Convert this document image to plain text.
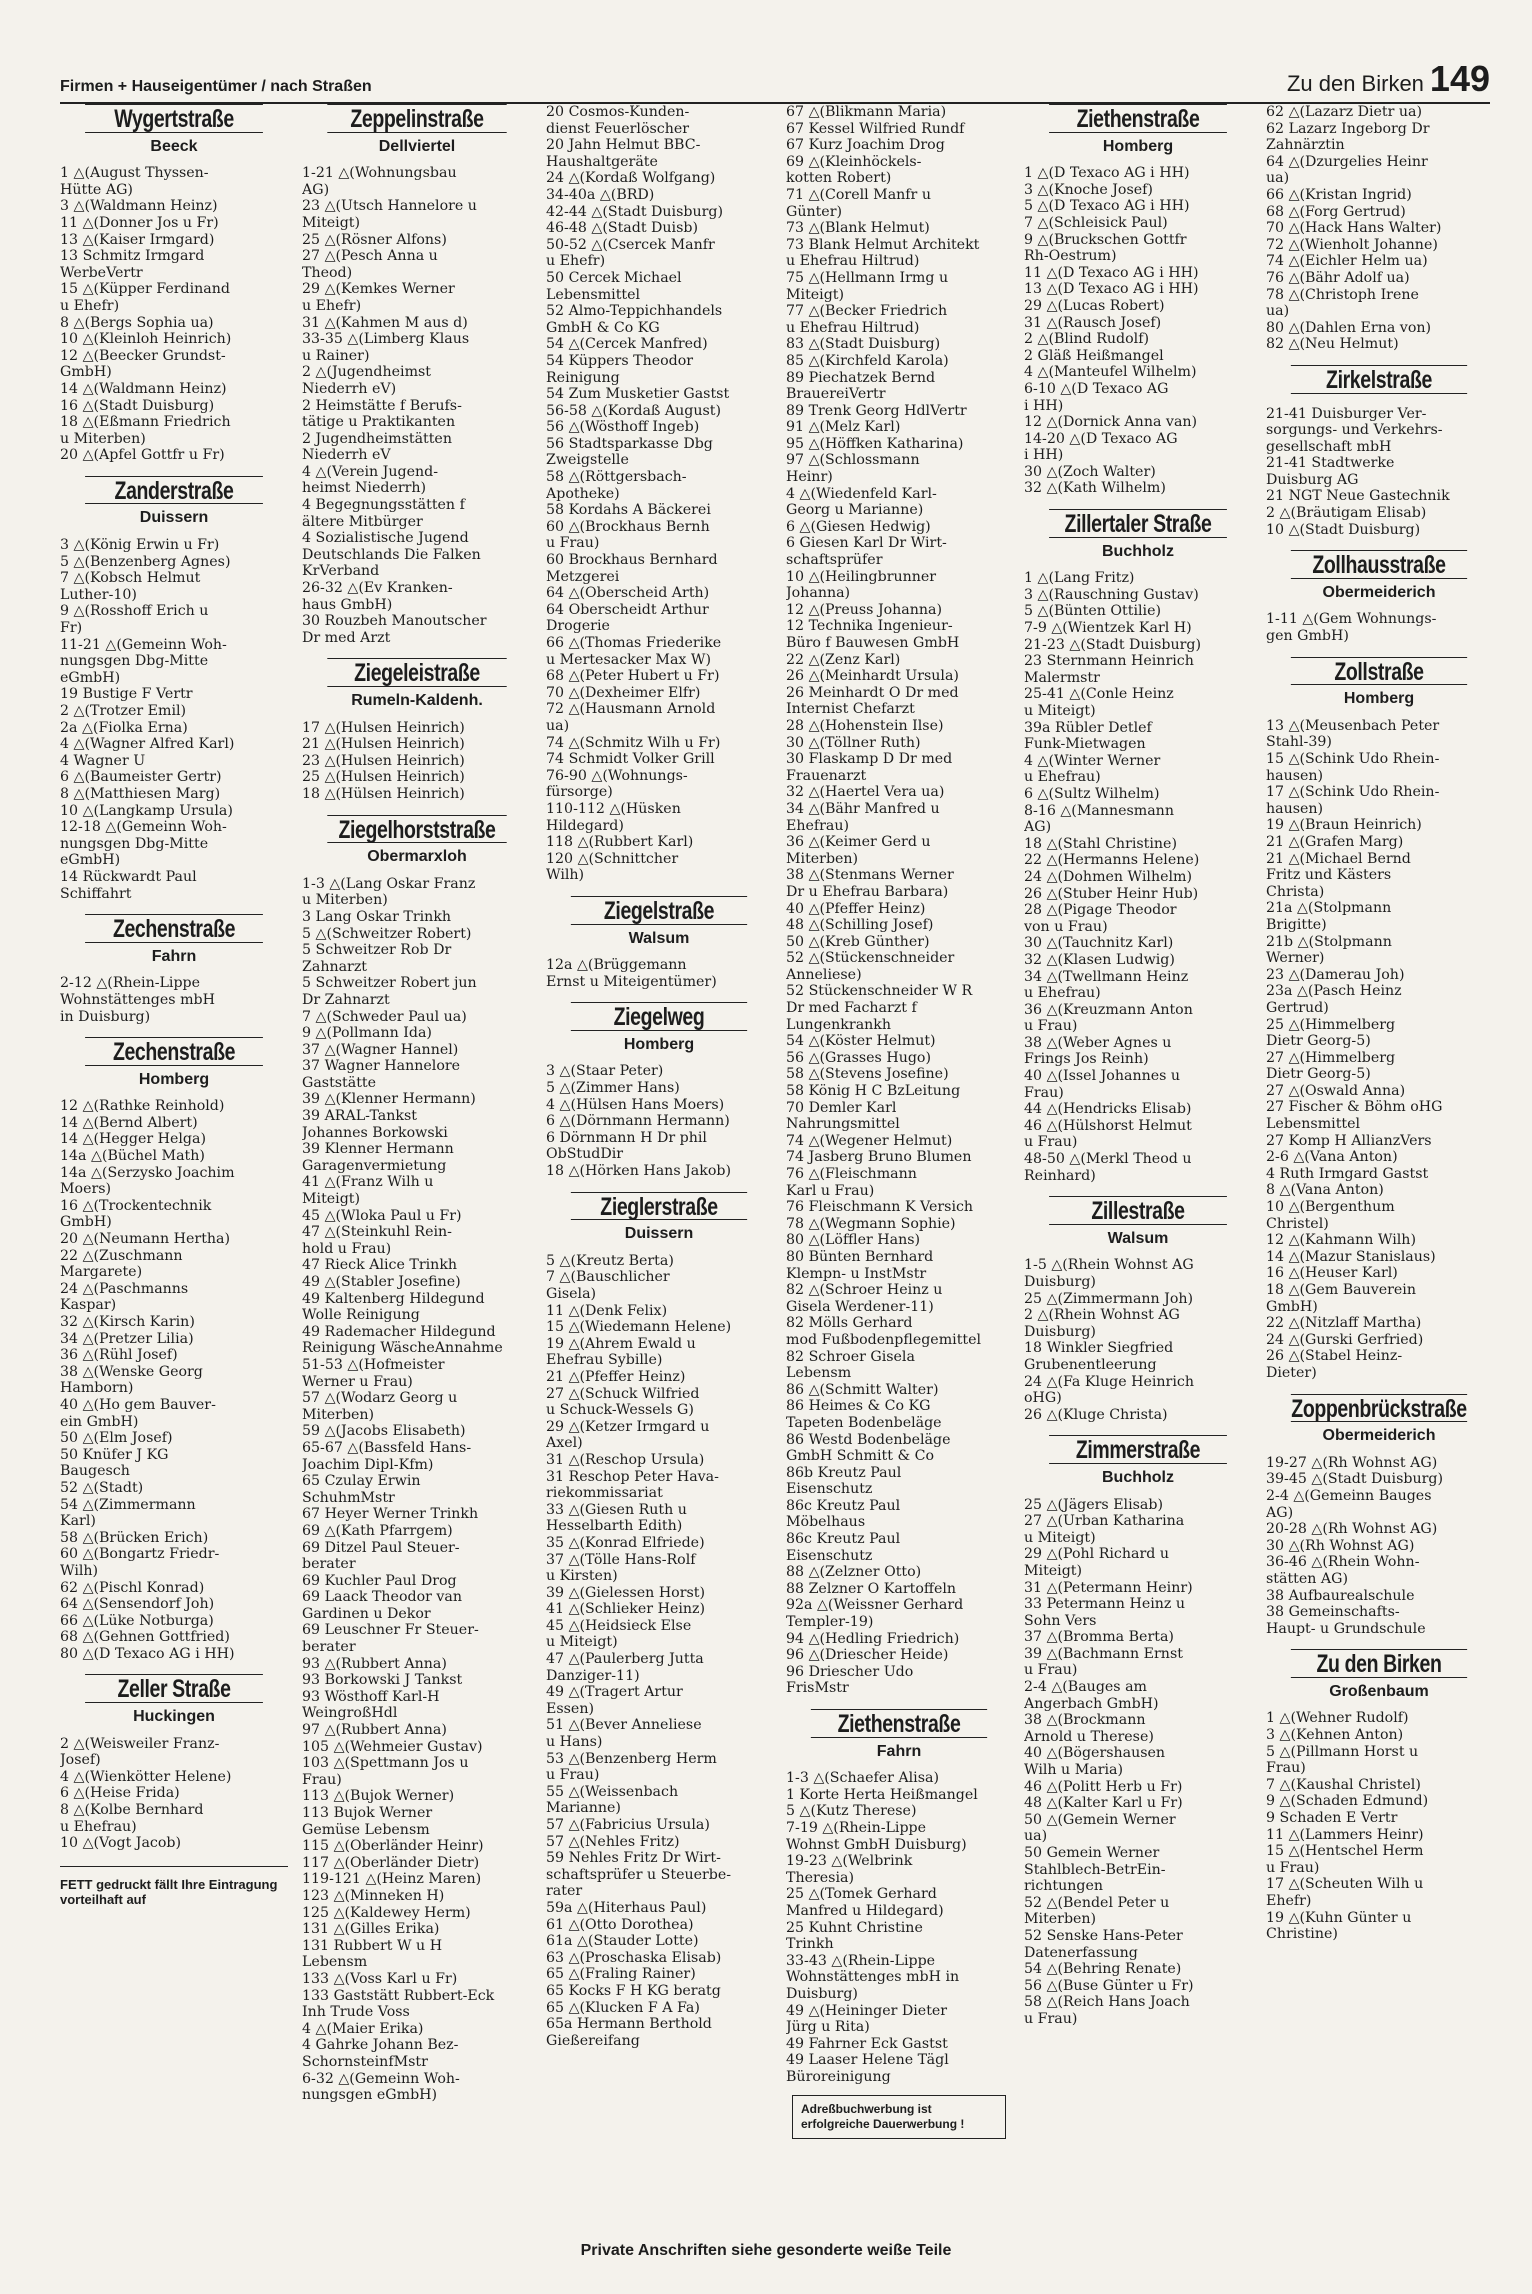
Firmen + Hauseigentümer / nach Straßen	Zu den Birken 149
Wygertstraße
Beeck
1 △(August Thyssen-
Hütte AG)
3 △(Waldmann Heinz)
11 △(Donner Jos u Fr)
13 △(Kaiser Irmgard)
13 Schmitz Irmgard
WerbeVertr
15 △(Küpper Ferdinand
u Ehefr)
8 △(Bergs Sophia ua)
10 △(Kleinloh Heinrich)
12 △(Beecker Grundst-
GmbH)
14 △(Waldmann Heinz)
16 △(Stadt Duisburg)
18 △(Eßmann Friedrich
u Miterben)
20 △(Apfel Gottfr u Fr)
Zanderstraße
Duissern
3 △(König Erwin u Fr)
5 △(Benzenberg Agnes)
7 △(Kobsch Helmut
Luther-10)
9 △(Rosshoff Erich u
Fr)
11-21 △(Gemeinn Woh-
nungsgen Dbg-Mitte
eGmbH)
19 Bustige F Vertr
2 △(Trotzer Emil)
2a △(Fiolka Erna)
4 △(Wagner Alfred Karl)
4 Wagner U
6 △(Baumeister Gertr)
8 △(Matthiesen Marg)
10 △(Langkamp Ursula)
12-18 △(Gemeinn Woh-
nungsgen Dbg-Mitte
eGmbH)
14 Rückwardt Paul
Schiffahrt
Zechenstraße
Fahrn
2-12 △(Rhein-Lippe
Wohnstättenges mbH
in Duisburg)
Zechenstraße
Homberg
12 △(Rathke Reinhold)
14 △(Bernd Albert)
14 △(Hegger Helga)
14a △(Büchel Math)
14a △(Serzysko Joachim
Moers)
16 △(Trockentechnik
GmbH)
20 △(Neumann Hertha)
22 △(Zuschmann
Margarete)
24 △(Paschmanns
Kaspar)
32 △(Kirsch Karin)
34 △(Pretzer Lilia)
36 △(Rühl Josef)
38 △(Wenske Georg
Hamborn)
40 △(Ho gem Bauver-
ein GmbH)
50 △(Elm Josef)
50 Knüfer J KG
Baugesch
52 △(Stadt)
54 △(Zimmermann
Karl)
58 △(Brücken Erich)
60 △(Bongartz Friedr-
Wilh)
62 △(Pischl Konrad)
64 △(Sensendorf Joh)
66 △(Lüke Notburga)
68 △(Gehnen Gottfried)
80 △(D Texaco AG i HH)
Zeller Straße
Huckingen
2 △(Weisweiler Franz-
Josef)
4 △(Wienkötter Helene)
6 △(Heise Frida)
8 △(Kolbe Bernhard
u Ehefrau)
10 △(Vogt Jacob)
FETT gedruckt fällt Ihre Eintragung vorteilhaft auf
Zeppelinstraße
Dellviertel
1-21 △(Wohnungsbau
AG)
23 △(Utsch Hannelore u
Miteigt)
25 △(Rösner Alfons)
27 △(Pesch Anna u
Theod)
29 △(Kemkes Werner
u Ehefr)
31 △(Kahmen M aus d)
33-35 △(Limberg Klaus
u Rainer)
2 △(Jugendheimst
Niederrh eV)
2 Heimstätte f Berufs-
tätige u Praktikanten
2 Jugendheimstätten
Niederrh eV
4 △(Verein Jugend-
heimst Niederrh)
4 Begegnungsstätten f
ältere Mitbürger
4 Sozialistische Jugend
Deutschlands Die Falken
KrVerband
26-32 △(Ev Kranken-
haus GmbH)
30 Rouzbeh Manoutscher
Dr med Arzt
Ziegeleistraße
Rumeln-Kaldenh.
17 △(Hulsen Heinrich)
21 △(Hulsen Heinrich)
23 △(Hulsen Heinrich)
25 △(Hulsen Heinrich)
18 △(Hülsen Heinrich)
Ziegelhorststraße
Obermarxloh
1-3 △(Lang Oskar Franz
u Miterben)
3 Lang Oskar Trinkh
5 △(Schweitzer Robert)
5 Schweitzer Rob Dr
Zahnarzt
5 Schweitzer Robert jun
Dr Zahnarzt
7 △(Schweder Paul ua)
9 △(Pollmann Ida)
37 △(Wagner Hannel)
37 Wagner Hannelore
Gaststätte
39 △(Klenner Hermann)
39 ARAL-Tankst
Johannes Borkowski
39 Klenner Hermann
Garagenvermietung
41 △(Franz Wilh u
Miteigt)
45 △(Wloka Paul u Fr)
47 △(Steinkuhl Rein-
hold u Frau)
47 Rieck Alice Trinkh
49 △(Stabler Josefine)
49 Kaltenberg Hildegund
Wolle Reinigung
49 Rademacher Hildegund
Reinigung WäscheAnnahme
51-53 △(Hofmeister
Werner u Frau)
57 △(Wodarz Georg u
Miterben)
59 △(Jacobs Elisabeth)
65-67 △(Bassfeld Hans-
Joachim Dipl-Kfm)
65 Czulay Erwin
SchuhmMstr
67 Heyer Werner Trinkh
69 △(Kath Pfarrgem)
69 Ditzel Paul Steuer-
berater
69 Kuchler Paul Drog
69 Laack Theodor van
Gardinen u Dekor
69 Leuschner Fr Steuer-
berater
93 △(Rubbert Anna)
93 Borkowski J Tankst
93 Wösthoff Karl-H
WeingroßHdl
97 △(Rubbert Anna)
105 △(Wehmeier Gustav)
103 △(Spettmann Jos u
Frau)
113 △(Bujok Werner)
113 Bujok Werner
Gemüse Lebensm
115 △(Oberländer Heinr)
117 △(Oberländer Dietr)
119-121 △(Heinz Maren)
123 △(Minneken H)
125 △(Kaldewey Herm)
131 △(Gilles Erika)
131 Rubbert W u H
Lebensm
133 △(Voss Karl u Fr)
133 Gaststätt Rubbert-Eck
Inh Trude Voss
4 △(Maier Erika)
4 Gahrke Johann Bez-
SchornsteinfMstr
6-32 △(Gemeinn Woh-
nungsgen eGmbH)
20 Cosmos-Kunden-
dienst Feuerlöscher
20 Jahn Helmut BBC-
Haushaltgeräte
24 △(Kordaß Wolfgang)
34-40a △(BRD)
42-44 △(Stadt Duisburg)
46-48 △(Stadt Duisb)
50-52 △(Csercek Manfr
u Ehefr)
50 Cercek Michael
Lebensmittel
52 Almo-Teppichhandels
GmbH & Co KG
54 △(Cercek Manfred)
54 Küppers Theodor
Reinigung
54 Zum Musketier Gastst
56-58 △(Kordaß August)
56 △(Wösthoff Ingeb)
56 Stadtsparkasse Dbg
Zweigstelle
58 △(Röttgersbach-
Apotheke)
58 Kordahs A Bäckerei
60 △(Brockhaus Bernh
u Frau)
60 Brockhaus Bernhard
Metzgerei
64 △(Oberscheid Arth)
64 Oberscheidt Arthur
Drogerie
66 △(Thomas Friederike
u Mertesacker Max W)
68 △(Peter Hubert u Fr)
70 △(Dexheimer Elfr)
72 △(Hausmann Arnold
ua)
74 △(Schmitz Wilh u Fr)
74 Schmidt Volker Grill
76-90 △(Wohnungs-
fürsorge)
110-112 △(Hüsken
Hildegard)
118 △(Rubbert Karl)
120 △(Schnittcher
Wilh)
Ziegelstraße
Walsum
12a △(Brüggemann
Ernst u Miteigentümer)
Ziegelweg
Homberg
3 △(Staar Peter)
5 △(Zimmer Hans)
4 △(Hülsen Hans Moers)
6 △(Dörnmann Hermann)
6 Dörnmann H Dr phil
ObStudDir
18 △(Hörken Hans Jakob)
Zieglerstraße
Duissern
5 △(Kreutz Berta)
7 △(Bauschlicher
Gisela)
11 △(Denk Felix)
15 △(Wiedemann Helene)
19 △(Ahrem Ewald u
Ehefrau Sybille)
21 △(Pfeffer Heinz)
27 △(Schuck Wilfried
u Schuck-Wessels G)
29 △(Ketzer Irmgard u
Axel)
31 △(Reschop Ursula)
31 Reschop Peter Hava-
riekommissariat
33 △(Giesen Ruth u
Hesselbarth Edith)
35 △(Konrad Elfriede)
37 △(Tölle Hans-Rolf
u Kirsten)
39 △(Gielessen Horst)
41 △(Schlieker Heinz)
45 △(Heidsieck Else
u Miteigt)
47 △(Paulerberg Jutta
Danziger-11)
49 △(Tragert Artur
Essen)
51 △(Bever Anneliese
u Hans)
53 △(Benzenberg Herm
u Frau)
55 △(Weissenbach
Marianne)
57 △(Fabricius Ursula)
57 △(Nehles Fritz)
59 Nehles Fritz Dr Wirt-
schaftsprüfer u Steuerbe-
rater
59a △(Hiterhaus Paul)
61 △(Otto Dorothea)
61a △(Stauder Lotte)
63 △(Proschaska Elisab)
65 △(Fraling Rainer)
65 Kocks F H KG beratg
65 △(Klucken F A Fa)
65a Hermann Berthold
Gießereifang
67 △(Blikmann Maria)
67 Kessel Wilfried Rundf
67 Kurz Joachim Drog
69 △(Kleinhöckels-
kotten Robert)
71 △(Corell Manfr u
Günter)
73 △(Blank Helmut)
73 Blank Helmut Architekt
u Ehefrau Hiltrud)
75 △(Hellmann Irmg u
Miteigt)
77 △(Becker Friedrich
u Ehefrau Hiltrud)
83 △(Stadt Duisburg)
85 △(Kirchfeld Karola)
89 Piechatzek Bernd
BrauereiVertr
89 Trenk Georg HdlVertr
91 △(Melz Karl)
95 △(Höffken Katharina)
97 △(Schlossmann
Heinr)
4 △(Wiedenfeld Karl-
Georg u Marianne)
6 △(Giesen Hedwig)
6 Giesen Karl Dr Wirt-
schaftsprüfer
10 △(Heilingbrunner
Johanna)
12 △(Preuss Johanna)
12 Technika Ingenieur-
Büro f Bauwesen GmbH
22 △(Zenz Karl)
26 △(Meinhardt Ursula)
26 Meinhardt O Dr med
Internist Chefarzt
28 △(Hohenstein Ilse)
30 △(Töllner Ruth)
30 Flaskamp D Dr med
Frauenarzt
32 △(Haertel Vera ua)
34 △(Bähr Manfred u
Ehefrau)
36 △(Keimer Gerd u
Miterben)
38 △(Stenmans Werner
Dr u Ehefrau Barbara)
40 △(Pfeffer Heinz)
48 △(Schilling Josef)
50 △(Kreb Günther)
52 △(Stückenschneider
Anneliese)
52 Stückenschneider W R
Dr med Facharzt f
Lungenkrankh
54 △(Köster Helmut)
56 △(Grasses Hugo)
58 △(Stevens Josefine)
58 König H C BzLeitung
70 Demler Karl
Nahrungsmittel
74 △(Wegener Helmut)
74 Jasberg Bruno Blumen
76 △(Fleischmann
Karl u Frau)
76 Fleischmann K Versich
78 △(Wegmann Sophie)
80 △(Löffler Hans)
80 Bünten Bernhard
Klempn- u InstMstr
82 △(Schroer Heinz u
Gisela Werdener-11)
82 Mölls Gerhard
mod Fußbodenpflegemittel
82 Schroer Gisela
Lebensm
86 △(Schmitt Walter)
86 Heimes & Co KG
Tapeten Bodenbeläge
86 Westd Bodenbeläge
GmbH Schmitt & Co
86b Kreutz Paul
Eisenschutz
86c Kreutz Paul
Möbelhaus
86c Kreutz Paul
Eisenschutz
88 △(Zelzner Otto)
88 Zelzner O Kartoffeln
92a △(Weissner Gerhard
Templer-19)
94 △(Hedling Friedrich)
96 △(Driescher Heide)
96 Driescher Udo
FrisMstr
Ziethenstraße
Fahrn
1-3 △(Schaefer Alisa)
1 Korte Herta Heißmangel
5 △(Kutz Therese)
7-19 △(Rhein-Lippe
Wohnst GmbH Duisburg)
19-23 △(Welbrink
Theresia)
25 △(Tomek Gerhard
Manfred u Hildegard)
25 Kuhnt Christine
Trinkh
33-43 △(Rhein-Lippe
Wohnstättenges mbH in
Duisburg)
49 △(Heininger Dieter
Jürg u Rita)
49 Fahrner Eck Gastst
49 Laaser Helene Tägl
Büroreinigung
Adreßbuchwerbung ist erfolgreiche Dauerwerbung !
Ziethenstraße
Homberg
1 △(D Texaco AG i HH)
3 △(Knoche Josef)
5 △(D Texaco AG i HH)
7 △(Schleisick Paul)
9 △(Bruckschen Gottfr
Rh-Oestrum)
11 △(D Texaco AG i HH)
13 △(D Texaco AG i HH)
29 △(Lucas Robert)
31 △(Rausch Josef)
2 △(Blind Rudolf)
2 Gläß Heißmangel
4 △(Manteufel Wilhelm)
6-10 △(D Texaco AG
i HH)
12 △(Dornick Anna van)
14-20 △(D Texaco AG
i HH)
30 △(Zoch Walter)
32 △(Kath Wilhelm)
Zillertaler Straße
Buchholz
1 △(Lang Fritz)
3 △(Rauschning Gustav)
5 △(Bünten Ottilie)
7-9 △(Wientzek Karl H)
21-23 △(Stadt Duisburg)
23 Sternmann Heinrich
Malermstr
25-41 △(Conle Heinz
u Miteigt)
39a Rübler Detlef
Funk-Mietwagen
4 △(Winter Werner
u Ehefrau)
6 △(Sultz Wilhelm)
8-16 △(Mannesmann
AG)
18 △(Stahl Christine)
22 △(Hermanns Helene)
24 △(Dohmen Wilhelm)
26 △(Stuber Heinr Hub)
28 △(Pigage Theodor
von u Frau)
30 △(Tauchnitz Karl)
32 △(Klasen Ludwig)
34 △(Twellmann Heinz
u Ehefrau)
36 △(Kreuzmann Anton
u Frau)
38 △(Weber Agnes u
Frings Jos Reinh)
40 △(Issel Johannes u
Frau)
44 △(Hendricks Elisab)
46 △(Hülshorst Helmut
u Frau)
48-50 △(Merkl Theod u
Reinhard)
Zillestraße
Walsum
1-5 △(Rhein Wohnst AG
Duisburg)
25 △(Zimmermann Joh)
2 △(Rhein Wohnst AG
Duisburg)
18 Winkler Siegfried
Grubenentleerung
24 △(Fa Kluge Heinrich
oHG)
26 △(Kluge Christa)
Zimmerstraße
Buchholz
25 △(Jägers Elisab)
27 △(Urban Katharina
u Miteigt)
29 △(Pohl Richard u
Miteigt)
31 △(Petermann Heinr)
33 Petermann Heinz u
Sohn Vers
37 △(Bromma Berta)
39 △(Bachmann Ernst
u Frau)
2-4 △(Bauges am
Angerbach GmbH)
38 △(Brockmann
Arnold u Therese)
40 △(Bögershausen
Wilh u Maria)
46 △(Politt Herb u Fr)
48 △(Kalter Karl u Fr)
50 △(Gemein Werner
ua)
50 Gemein Werner
Stahlblech-BetrEin-
richtungen
52 △(Bendel Peter u
Miterben)
52 Senske Hans-Peter
Datenerfassung
54 △(Behring Renate)
56 △(Buse Günter u Fr)
58 △(Reich Hans Joach
u Frau)
62 △(Lazarz Dietr ua)
62 Lazarz Ingeborg Dr
Zahnärztin
64 △(Dzurgelies Heinr
ua)
66 △(Kristan Ingrid)
68 △(Forg Gertrud)
70 △(Hack Hans Walter)
72 △(Wienholt Johanne)
74 △(Eichler Helm ua)
76 △(Bähr Adolf ua)
78 △(Christoph Irene
ua)
80 △(Dahlen Erna von)
82 △(Neu Helmut)
Zirkelstraße
21-41 Duisburger Ver-
sorgungs- und Verkehrs-
gesellschaft mbH
21-41 Stadtwerke
Duisburg AG
21 NGT Neue Gastechnik
2 △(Bräutigam Elisab)
10 △(Stadt Duisburg)
Zollhausstraße
Obermeiderich
1-11 △(Gem Wohnungs-
gen GmbH)
Zollstraße
Homberg
13 △(Meusenbach Peter
Stahl-39)
15 △(Schink Udo Rhein-
hausen)
17 △(Schink Udo Rhein-
hausen)
19 △(Braun Heinrich)
21 △(Grafen Marg)
21 △(Michael Bernd
Fritz und Kästers
Christa)
21a △(Stolpmann
Brigitte)
21b △(Stolpmann
Werner)
23 △(Damerau Joh)
23a △(Pasch Heinz
Gertrud)
25 △(Himmelberg
Dietr Georg-5)
27 △(Himmelberg
Dietr Georg-5)
27 △(Oswald Anna)
27 Fischer & Böhm oHG
Lebensmittel
27 Komp H AllianzVers
2-6 △(Vana Anton)
4 Ruth Irmgard Gastst
8 △(Vana Anton)
10 △(Bergenthum
Christel)
12 △(Kahmann Wilh)
14 △(Mazur Stanislaus)
16 △(Heuser Karl)
18 △(Gem Bauverein
GmbH)
22 △(Nitzlaff Martha)
24 △(Gurski Gerfried)
26 △(Stabel Heinz-
Dieter)
Zoppenbrückstraße
Obermeiderich
19-27 △(Rh Wohnst AG)
39-45 △(Stadt Duisburg)
2-4 △(Gemeinn Bauges
AG)
20-28 △(Rh Wohnst AG)
30 △(Rh Wohnst AG)
36-46 △(Rhein Wohn-
stätten AG)
38 Aufbaurealschule
38 Gemeinschafts-
Haupt- u Grundschule
Zu den Birken
Großenbaum
1 △(Wehner Rudolf)
3 △(Kehnen Anton)
5 △(Pillmann Horst u
Frau)
7 △(Kaushal Christel)
9 △(Schaden Edmund)
9 Schaden E Vertr
11 △(Lammers Heinr)
15 △(Hentschel Herm
u Frau)
17 △(Scheuten Wilh u
Ehefr)
19 △(Kuhn Günter u
Christine)
Private Anschriften siehe gesonderte weiße Teile
